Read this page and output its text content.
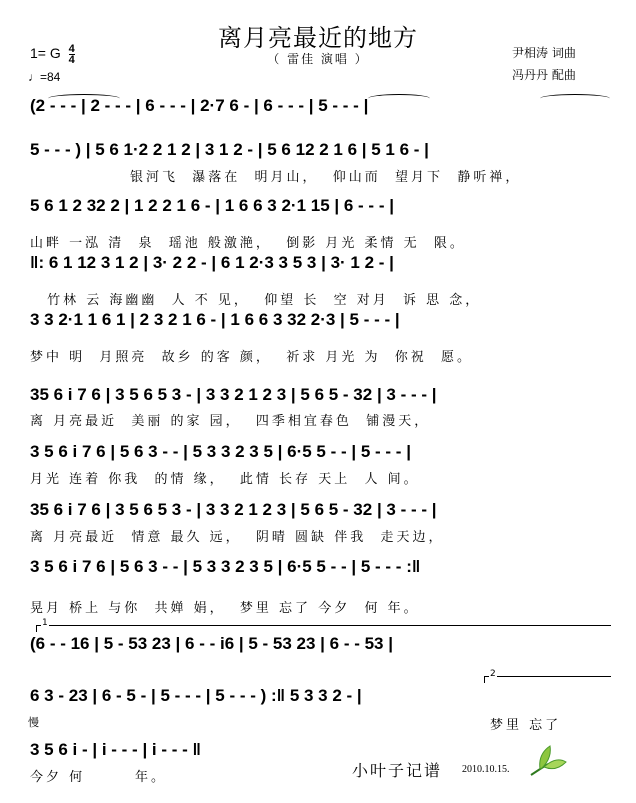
离月亮最近的地方
（ 雷佳 演唱 ）
1= G $\frac{4}{4}$
♩=84
尹相涛 词曲
冯丹丹 配曲
(2 - - - | 2 - - - | 6 - - - | 2·7 6 - | 6 - - - | 5 - - - |
5 - - - ) | 5 6 1·2 2 1 2 | 3 1 2 - | 5 6 12 2 1 6 | 5 1 6 - |
银河飞  瀑落在  明月山，  仰山而  望月下  静听禅，
5 6 1 2 32 2 | 1 2 2 1 6 - | 1 6 6 3 2·1 15 | 6 - - - |
山畔 一泓 清  泉  瑶池 般激滟，  倒影 月光 柔情 无  限。
‖: 6 1 12 3 1 2 | 3· 2 2 - | 6 1 2·3 3 5 3 | 3· 1 2 - |
竹林 云 海幽幽  人 不 见，  仰望 长  空 对月  诉 思 念，
3 3 2·1 1 6 1 | 2 3 2 1 6 - | 1 6 6 3 32 2·3 | 5 - - - |
梦中 明  月照亮  故乡 的客 颜，  祈求 月光 为  你祝  愿。
35 6 i 7 6 | 3 5 6 5 3 - | 3 3 2 1 2 3 | 5 6 5 - 32 | 3 - - - |
离 月亮最近  美丽 的家 园，  四季相宜春色  铺漫天，
3 5 6 i 7 6 | 5 6 3 - - | 5 3 3 2 3 5 | 6·5 5 - - | 5 - - - |
月光 连着 你我  的情 缘，  此情 长存 天上  人 间。
35 6 i 7 6 | 3 5 6 5 3 - | 3 3 2 1 2 3 | 5 6 5 - 32 | 3 - - - |
离 月亮最近  情意 最久 远，  阴晴 圆缺 伴我  走天边，
3 5 6 i 7 6 | 5 6 3 - - | 5 3 3 2 3 5 | 6·5 5 - - | 5 - - - :‖
晃月 桥上 与你  共婵 娟，  梦里 忘了 今夕  何 年。
1
(6 - - 16 | 5 - 53 23 | 6 - - i6 | 5 - 53 23 | 6 - - 53 |
2
6 3 - 23 | 6 - 5 - | 5 - - - | 5 - - - ) :‖ 5 3 3 2 - |
梦里 忘了
慢
3 5 6 i - | i - - - | i - - - ‖
今夕 何       年。	小叶子记谱 2010.10.15.
